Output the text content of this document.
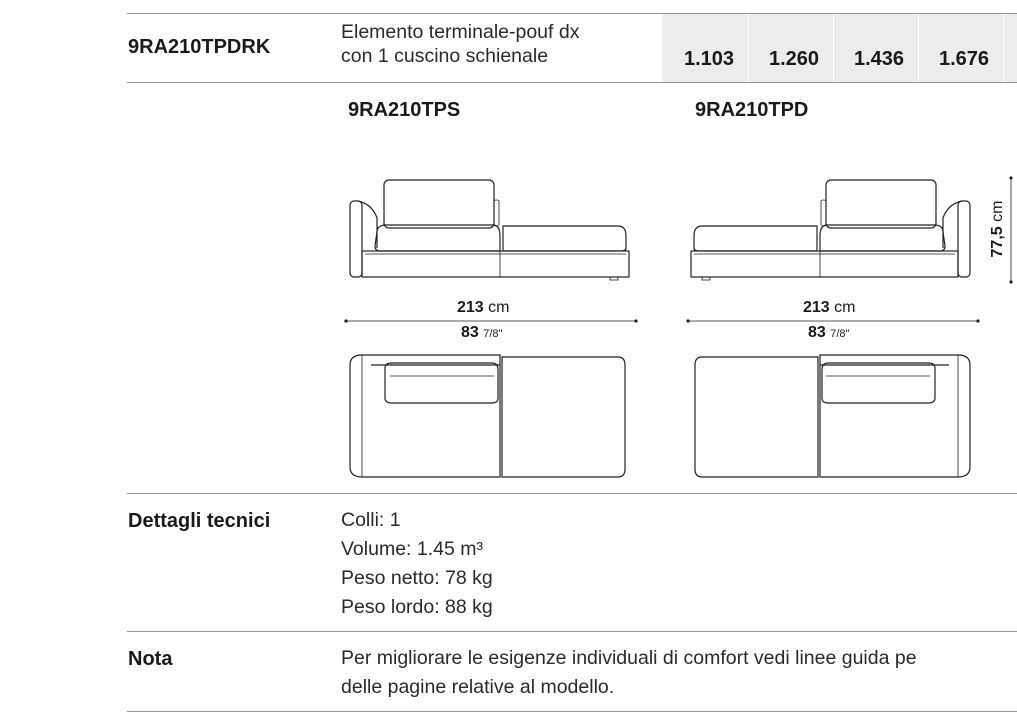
9RA210TPDRK
Elemento terminale-pouf dx
con 1 cuscino schienale	1.103 1.260 1.436 1.676
9RA210TPS	9RA210TPD
213 cm
83 7/8"
213 cm
83 7/8"
77,5 cm
Dettagli tecnici	Colli: 1
Volume: 1.45 m³
Peso netto: 78 kg
Peso lordo: 88 kg
Nota	Per migliorare le esigenze individuali di comfort vedi linee guida pe
delle pagine relative al modello.
